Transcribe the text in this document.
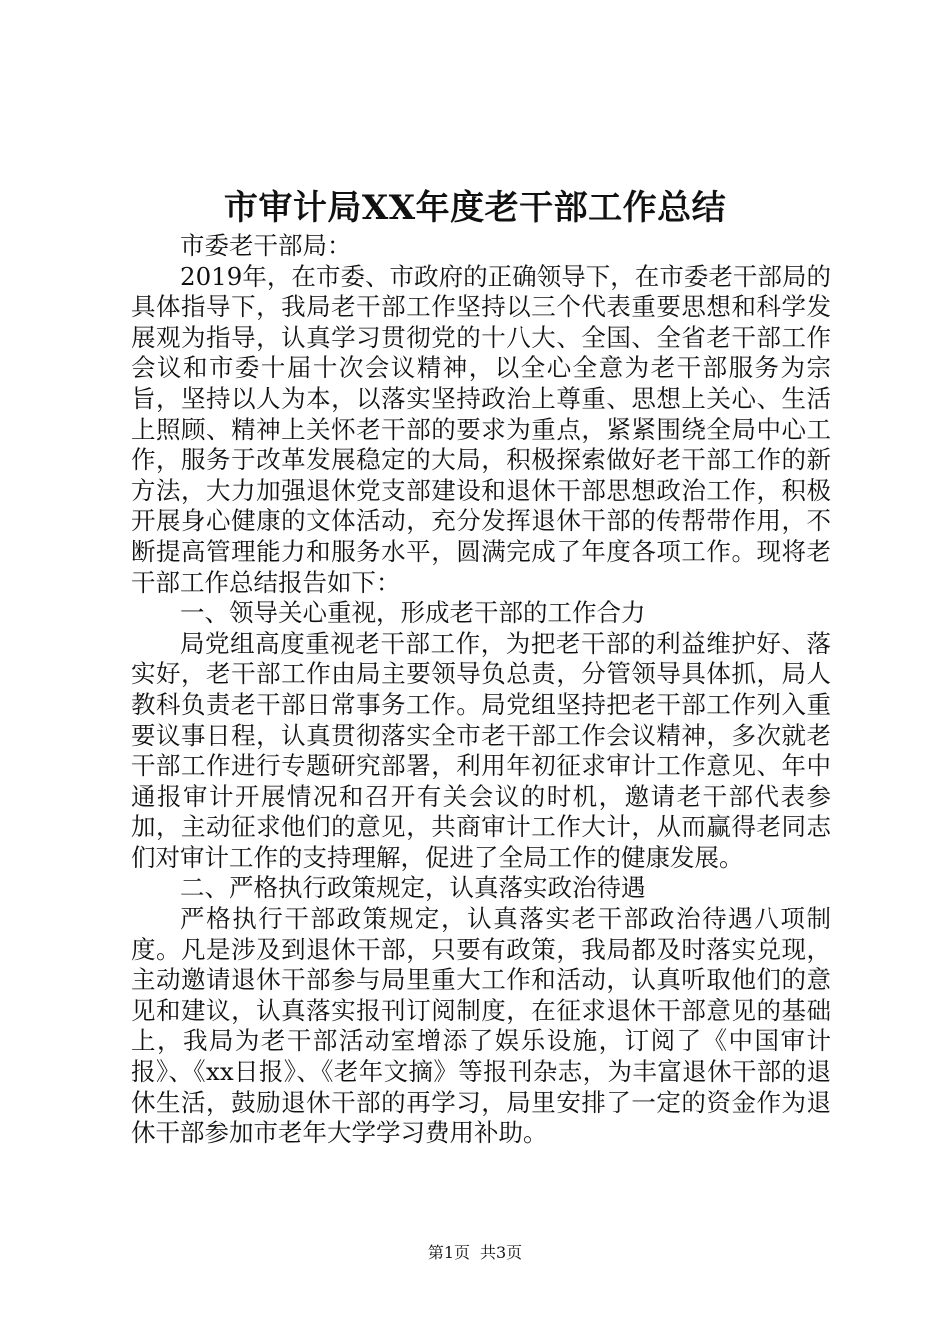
市审计局XX年度老干部工作总结

市委老干部局：

2019年，在市委、市政府的正确领导下，在市委老干部局的具体指导下，我局老干部工作坚持以三个代表重要思想和科学发展观为指导，认真学习贯彻党的十八大、全国、全省老干部工作会议和市委十届十次会议精神，以全心全意为老干部服务为宗旨，坚持以人为本，以落实坚持政治上尊重、思想上关心、生活上照顾、精神上关怀老干部的要求为重点，紧紧围绕全局中心工作，服务于改革发展稳定的大局，积极探索做好老干部工作的新方法，大力加强退休党支部建设和退休干部思想政治工作，积极开展身心健康的文体活动，充分发挥退休干部的传帮带作用，不断提高管理能力和服务水平，圆满完成了年度各项工作。现将老干部工作总结报告如下：

一、领导关心重视，形成老干部的工作合力

局党组高度重视老干部工作，为把老干部的利益维护好、落实好，老干部工作由局主要领导负总责，分管领导具体抓，局人教科负责老干部日常事务工作。局党组坚持把老干部工作列入重要议事日程，认真贯彻落实全市老干部工作会议精神，多次就老干部工作进行专题研究部署，利用年初征求审计工作意见、年中通报审计开展情况和召开有关会议的时机，邀请老干部代表参加，主动征求他们的意见，共商审计工作大计，从而赢得老同志们对审计工作的支持理解，促进了全局工作的健康发展。

二、严格执行政策规定，认真落实政治待遇

严格执行干部政策规定，认真落实老干部政治待遇八项制度。凡是涉及到退休干部，只要有政策，我局都及时落实兑现，主动邀请退休干部参与局里重大工作和活动，认真听取他们的意见和建议，认真落实报刊订阅制度，在征求退休干部意见的基础上，我局为老干部活动室增添了娱乐设施，订阅了《中国审计报》、《xx日报》、《老年文摘》等报刊杂志，为丰富退休干部的退休生活，鼓励退休干部的再学习，局里安排了一定的资金作为退休干部参加市老年大学学习费用补助。

第1页 共3页
